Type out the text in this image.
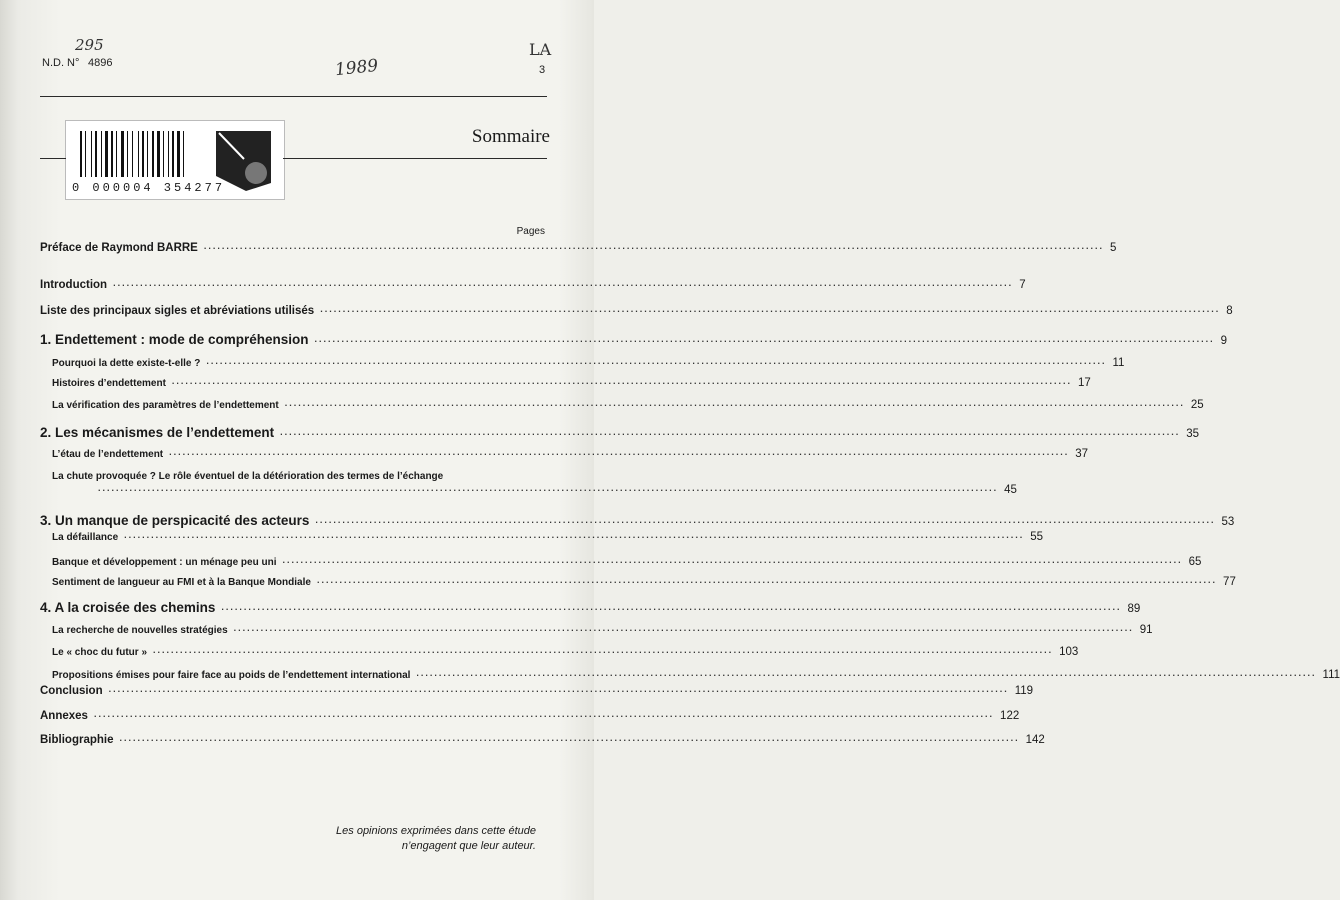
295
N.D. N° 4896	1989
LA
3
0 000004 354277
Sommaire
Pages
Préface de Raymond BARRE ........................................................................................................................................................................................................ 5
Introduction ........................................................................................................................................................................................................ 7
Liste des principaux sigles et abréviations utilisés ........................................................................................................................................................................................................ 8
1. Endettement : mode de compréhension ........................................................................................................................................................................................................ 9
Pourquoi la dette existe-t-elle ? ........................................................................................................................................................................................................ 11
Histoires d’endettement ........................................................................................................................................................................................................ 17
La vérification des paramètres de l’endettement ........................................................................................................................................................................................................ 25
2. Les mécanismes de l’endettement ........................................................................................................................................................................................................ 35
L’étau de l’endettement ........................................................................................................................................................................................................ 37
La chute provoquée ? Le rôle éventuel de la détérioration des termes de l’échange
........................................................................................................................................................................................................ 45
3. Un manque de perspicacité des acteurs ........................................................................................................................................................................................................ 53
La défaillance ........................................................................................................................................................................................................ 55
Banque et développement : un ménage peu uni ........................................................................................................................................................................................................ 65
Sentiment de langueur au FMI et à la Banque Mondiale ........................................................................................................................................................................................................ 77
4. A la croisée des chemins ........................................................................................................................................................................................................ 89
La recherche de nouvelles stratégies ........................................................................................................................................................................................................ 91
Le « choc du futur » ........................................................................................................................................................................................................ 103
Propositions émises pour faire face au poids de l’endettement international ........................................................................................................................................................................................................ 111
Conclusion ........................................................................................................................................................................................................ 119
Annexes ........................................................................................................................................................................................................ 122
Bibliographie ........................................................................................................................................................................................................ 142
Les opinions exprimées dans cette étude
n’engagent que leur auteur.
